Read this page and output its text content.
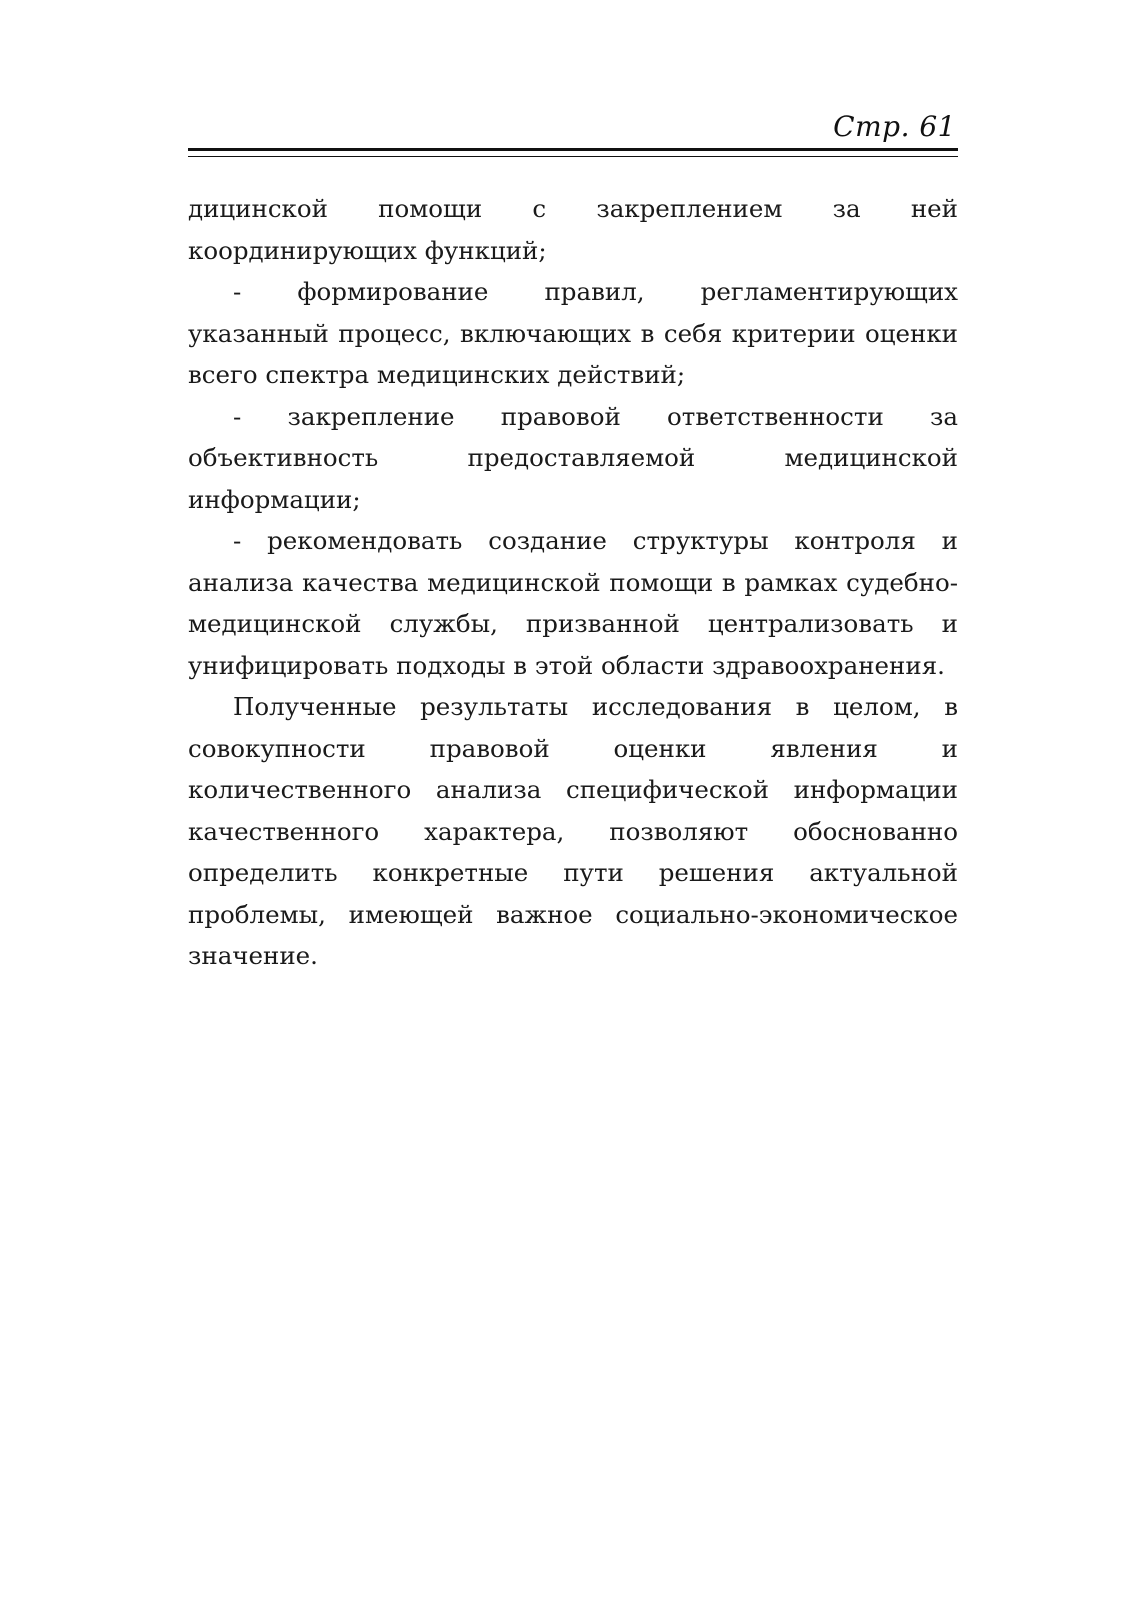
Стр. 61

дицинской помощи с закреплением за ней координирующих функций;

- формирование правил, регламентирующих указанный процесс, включающих в себя критерии оценки всего спектра медицинских действий;

- закрепление правовой ответственности за объективность предоставляемой медицинской информации;

- рекомендовать создание структуры контроля и анализа качества медицинской помощи в рамках судебно-медицинской службы, призванной централизовать и унифицировать подходы в этой области здравоохранения.

Полученные результаты исследования в целом, в совокупности правовой оценки явления и количественного анализа специфической информации качественного характера, позволяют обоснованно определить конкретные пути решения актуальной проблемы, имеющей важное социально-экономическое значение.
